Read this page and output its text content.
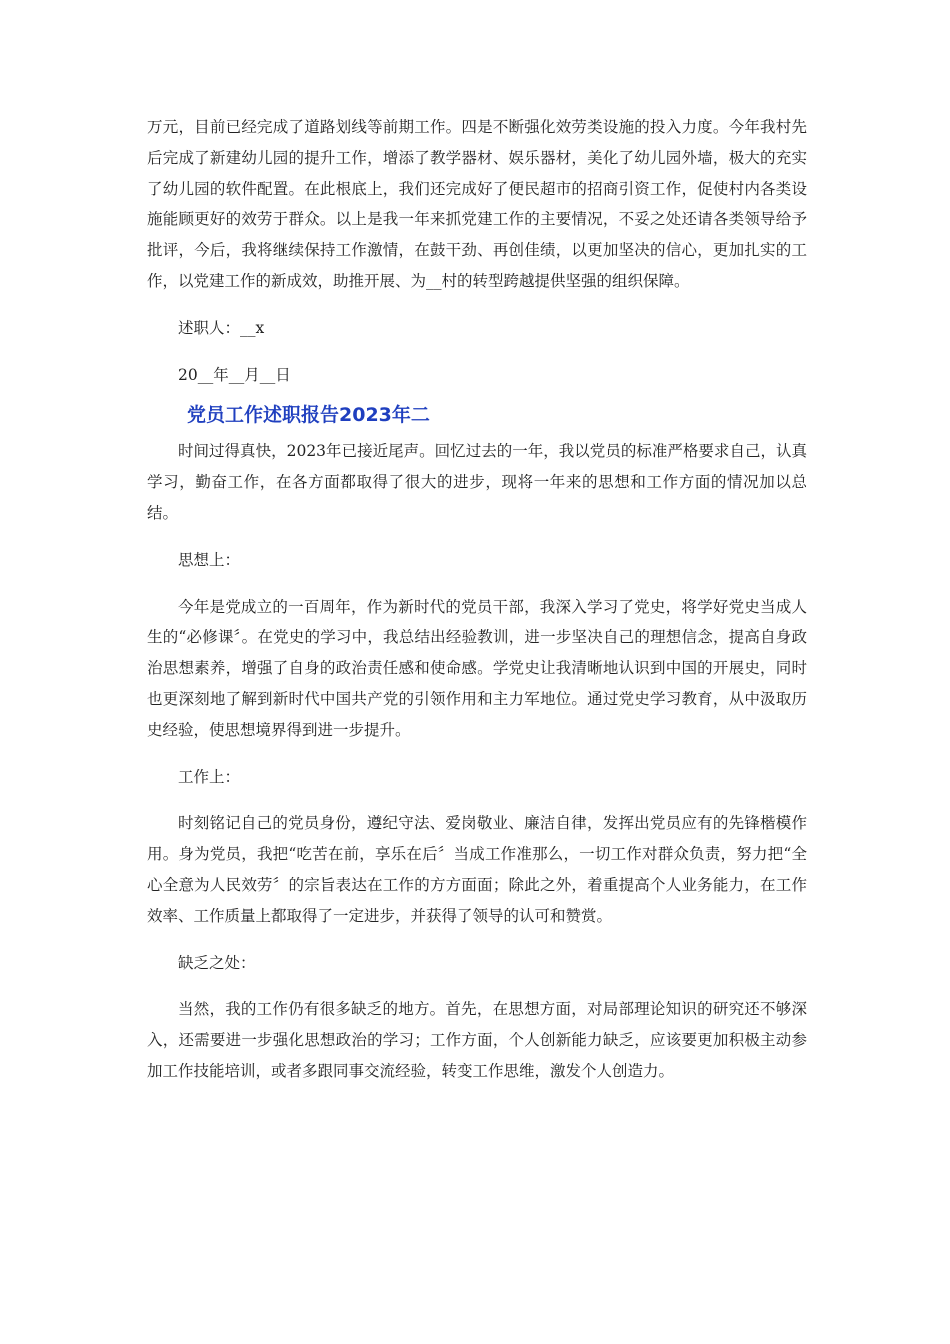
万元，目前已经完成了道路划线等前期工作。四是不断强化效劳类设施的投入力度。今年我村先后完成了新建幼儿园的提升工作，增添了教学器材、娱乐器材，美化了幼儿园外墙，极大的充实了幼儿园的软件配置。在此根底上，我们还完成好了便民超市的招商引资工作，促使村内各类设施能顾更好的效劳于群众。以上是我一年来抓党建工作的主要情况，不妥之处还请各类领导给予批评，今后，我将继续保持工作激情，在鼓干劲、再创佳绩，以更加坚决的信心，更加扎实的工作，以党建工作的新成效，助推开展、为__村的转型跨越提供坚强的组织保障。

述职人：__x

20__年__月__日

党员工作述职报告2023年二

时间过得真快，2023年已接近尾声。回忆过去的一年，我以党员的标准严格要求自己，认真学习，勤奋工作，在各方面都取得了很大的进步，现将一年来的思想和工作方面的情况加以总结。

思想上：

今年是党成立的一百周年，作为新时代的党员干部，我深入学习了党史，将学好党史当成人生的“必修课〞。在党史的学习中，我总结出经验教训，进一步坚决自己的理想信念，提高自身政治思想素养，增强了自身的政治责任感和使命感。学党史让我清晰地认识到中国的开展史，同时也更深刻地了解到新时代中国共产党的引领作用和主力军地位。通过党史学习教育，从中汲取历史经验，使思想境界得到进一步提升。

工作上：

时刻铭记自己的党员身份，遵纪守法、爱岗敬业、廉洁自律，发挥出党员应有的先锋楷模作用。身为党员，我把“吃苦在前，享乐在后〞当成工作准那么，一切工作对群众负责，努力把“全心全意为人民效劳〞的宗旨表达在工作的方方面面；除此之外，着重提高个人业务能力，在工作效率、工作质量上都取得了一定进步，并获得了领导的认可和赞赏。

缺乏之处：

当然，我的工作仍有很多缺乏的地方。首先，在思想方面，对局部理论知识的研究还不够深入，还需要进一步强化思想政治的学习；工作方面，个人创新能力缺乏，应该要更加积极主动参加工作技能培训，或者多跟同事交流经验，转变工作思维，激发个人创造力。
